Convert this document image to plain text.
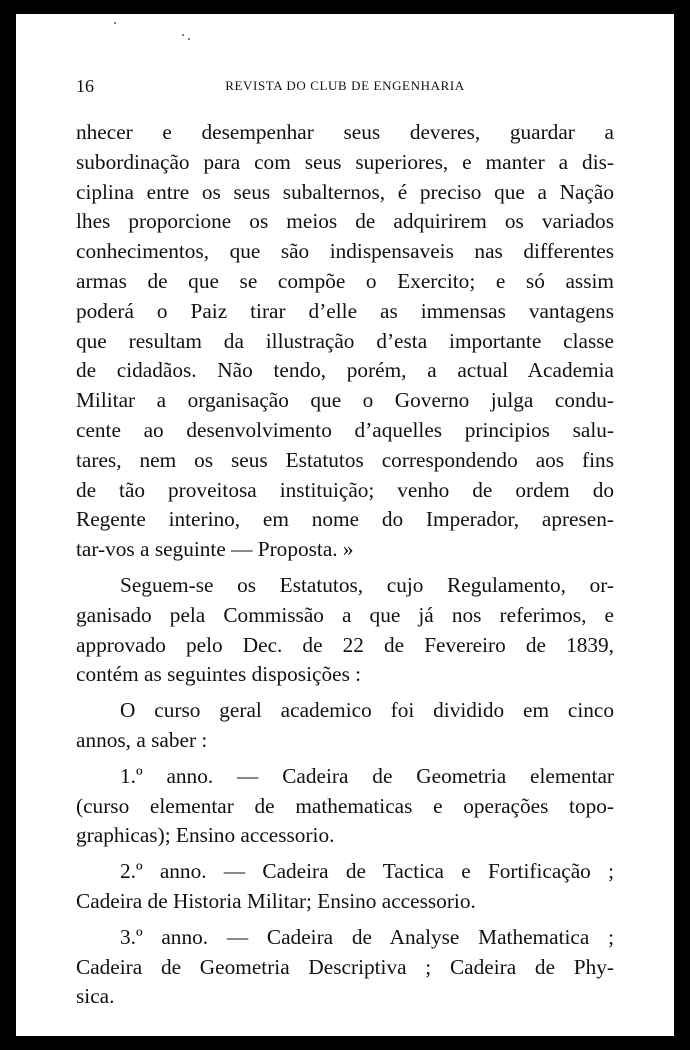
16	REVISTA DO CLUB DE ENGENHARIA
nhecer e desempenhar seus deveres, guardar a
subordinação para com seus superiores, e manter a dis-
ciplina entre os seus subalternos, é preciso que a Nação
lhes proporcione os meios de adquirirem os variados
conhecimentos, que são indispensaveis nas differentes
armas de que se compõe o Exercito; e só assim
poderá o Paiz tirar d’elle as immensas vantagens
que resultam da illustração d’esta importante classe
de cidadãos. Não tendo, porém, a actual Academia
Militar a organisação que o Governo julga condu-
cente ao desenvolvimento d’aquelles principios salu-
tares, nem os seus Estatutos correspondendo aos fins
de tão proveitosa instituição; venho de ordem do
Regente interino, em nome do Imperador, apresen-
tar-vos a seguinte — Proposta. »
Seguem-se os Estatutos, cujo Regulamento, or-
ganisado pela Commissão a que já nos referimos, e
approvado pelo Dec. de 22 de Fevereiro de 1839,
contém as seguintes disposições :
O curso geral academico foi dividido em cinco
annos, a saber :
1.º anno. — Cadeira de Geometria elementar
(curso elementar de mathematicas e operações topo-
graphicas); Ensino accessorio.
2.º anno. — Cadeira de Tactica e Fortificação ;
Cadeira de Historia Militar; Ensino accessorio.
3.º anno. — Cadeira de Analyse Mathematica ;
Cadeira de Geometria Descriptiva ; Cadeira de Phy-
sica.
